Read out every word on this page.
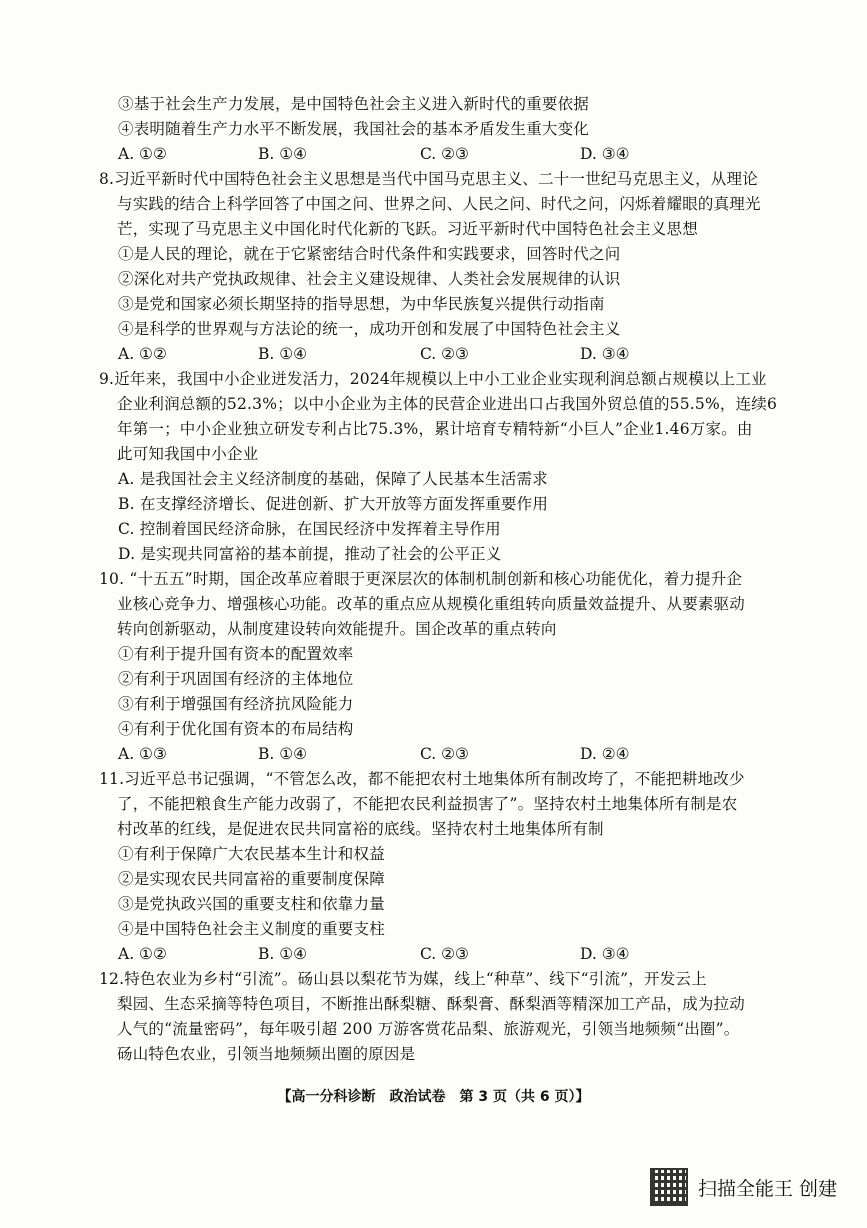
③基于社会生产力发展，是中国特色社会主义进入新时代的重要依据
④表明随着生产力水平不断发展，我国社会的基本矛盾发生重大变化
8.习近平新时代中国特色社会主义思想是当代中国马克思主义、二十一世纪马克思主义，从理论
与实践的结合上科学回答了中国之问、世界之问、人民之问、时代之问，闪烁着耀眼的真理光
芒，实现了马克思主义中国化时代化新的飞跃。习近平新时代中国特色社会主义思想
①是人民的理论，就在于它紧密结合时代条件和实践要求，回答时代之问
②深化对共产党执政规律、社会主义建设规律、人类社会发展规律的认识
③是党和国家必须长期坚持的指导思想，为中华民族复兴提供行动指南
④是科学的世界观与方法论的统一，成功开创和发展了中国特色社会主义
9.近年来，我国中小企业迸发活力，2024年规模以上中小工业企业实现利润总额占规模以上工业
企业利润总额的52.3%；以中小企业为主体的民营企业进出口占我国外贸总值的55.5%，连续6
年第一；中小企业独立研发专利占比75.3%，累计培育专精特新“小巨人”企业1.46万家。由
此可知我国中小企业
A. 是我国社会主义经济制度的基础，保障了人民基本生活需求
B. 在支撑经济增长、促进创新、扩大开放等方面发挥重要作用
C. 控制着国民经济命脉，在国民经济中发挥着主导作用
D. 是实现共同富裕的基本前提，推动了社会的公平正义
10. “十五五”时期，国企改革应着眼于更深层次的体制机制创新和核心功能优化，着力提升企
业核心竞争力、增强核心功能。改革的重点应从规模化重组转向质量效益提升、从要素驱动
转向创新驱动，从制度建设转向效能提升。国企改革的重点转向
①有利于提升国有资本的配置效率
②有利于巩固国有经济的主体地位
③有利于增强国有经济抗风险能力
④有利于优化国有资本的布局结构
11.习近平总书记强调，“不管怎么改，都不能把农村土地集体所有制改垮了，不能把耕地改少
了，不能把粮食生产能力改弱了，不能把农民利益损害了”。坚持农村土地集体所有制是农
村改革的红线，是促进农民共同富裕的底线。坚持农村土地集体所有制
①有利于保障广大农民基本生计和权益
②是实现农民共同富裕的重要制度保障
③是党执政兴国的重要支柱和依靠力量
④是中国特色社会主义制度的重要支柱
12.特色农业为乡村“引流”。砀山县以梨花节为媒，线上“种草”、线下“引流”，开发云上
梨园、生态采摘等特色项目，不断推出酥梨糖、酥梨膏、酥梨酒等精深加工产品，成为拉动
人气的“流量密码”，每年吸引超 200 万游客赏花品梨、旅游观光，引领当地频频“出圈”。
砀山特色农业，引领当地频频出圈的原因是
A. ①②	B. ①④	C. ②③	D. ③④
A. ①②	B. ①④	C. ②③	D. ③④
A. ①③	B. ①④	C. ②③	D. ②④
A. ①②	B. ①④	C. ②③	D. ③④
【高一分科诊断　政治试卷　第 3 页（共 6 页）】
扫描全能王 创建
